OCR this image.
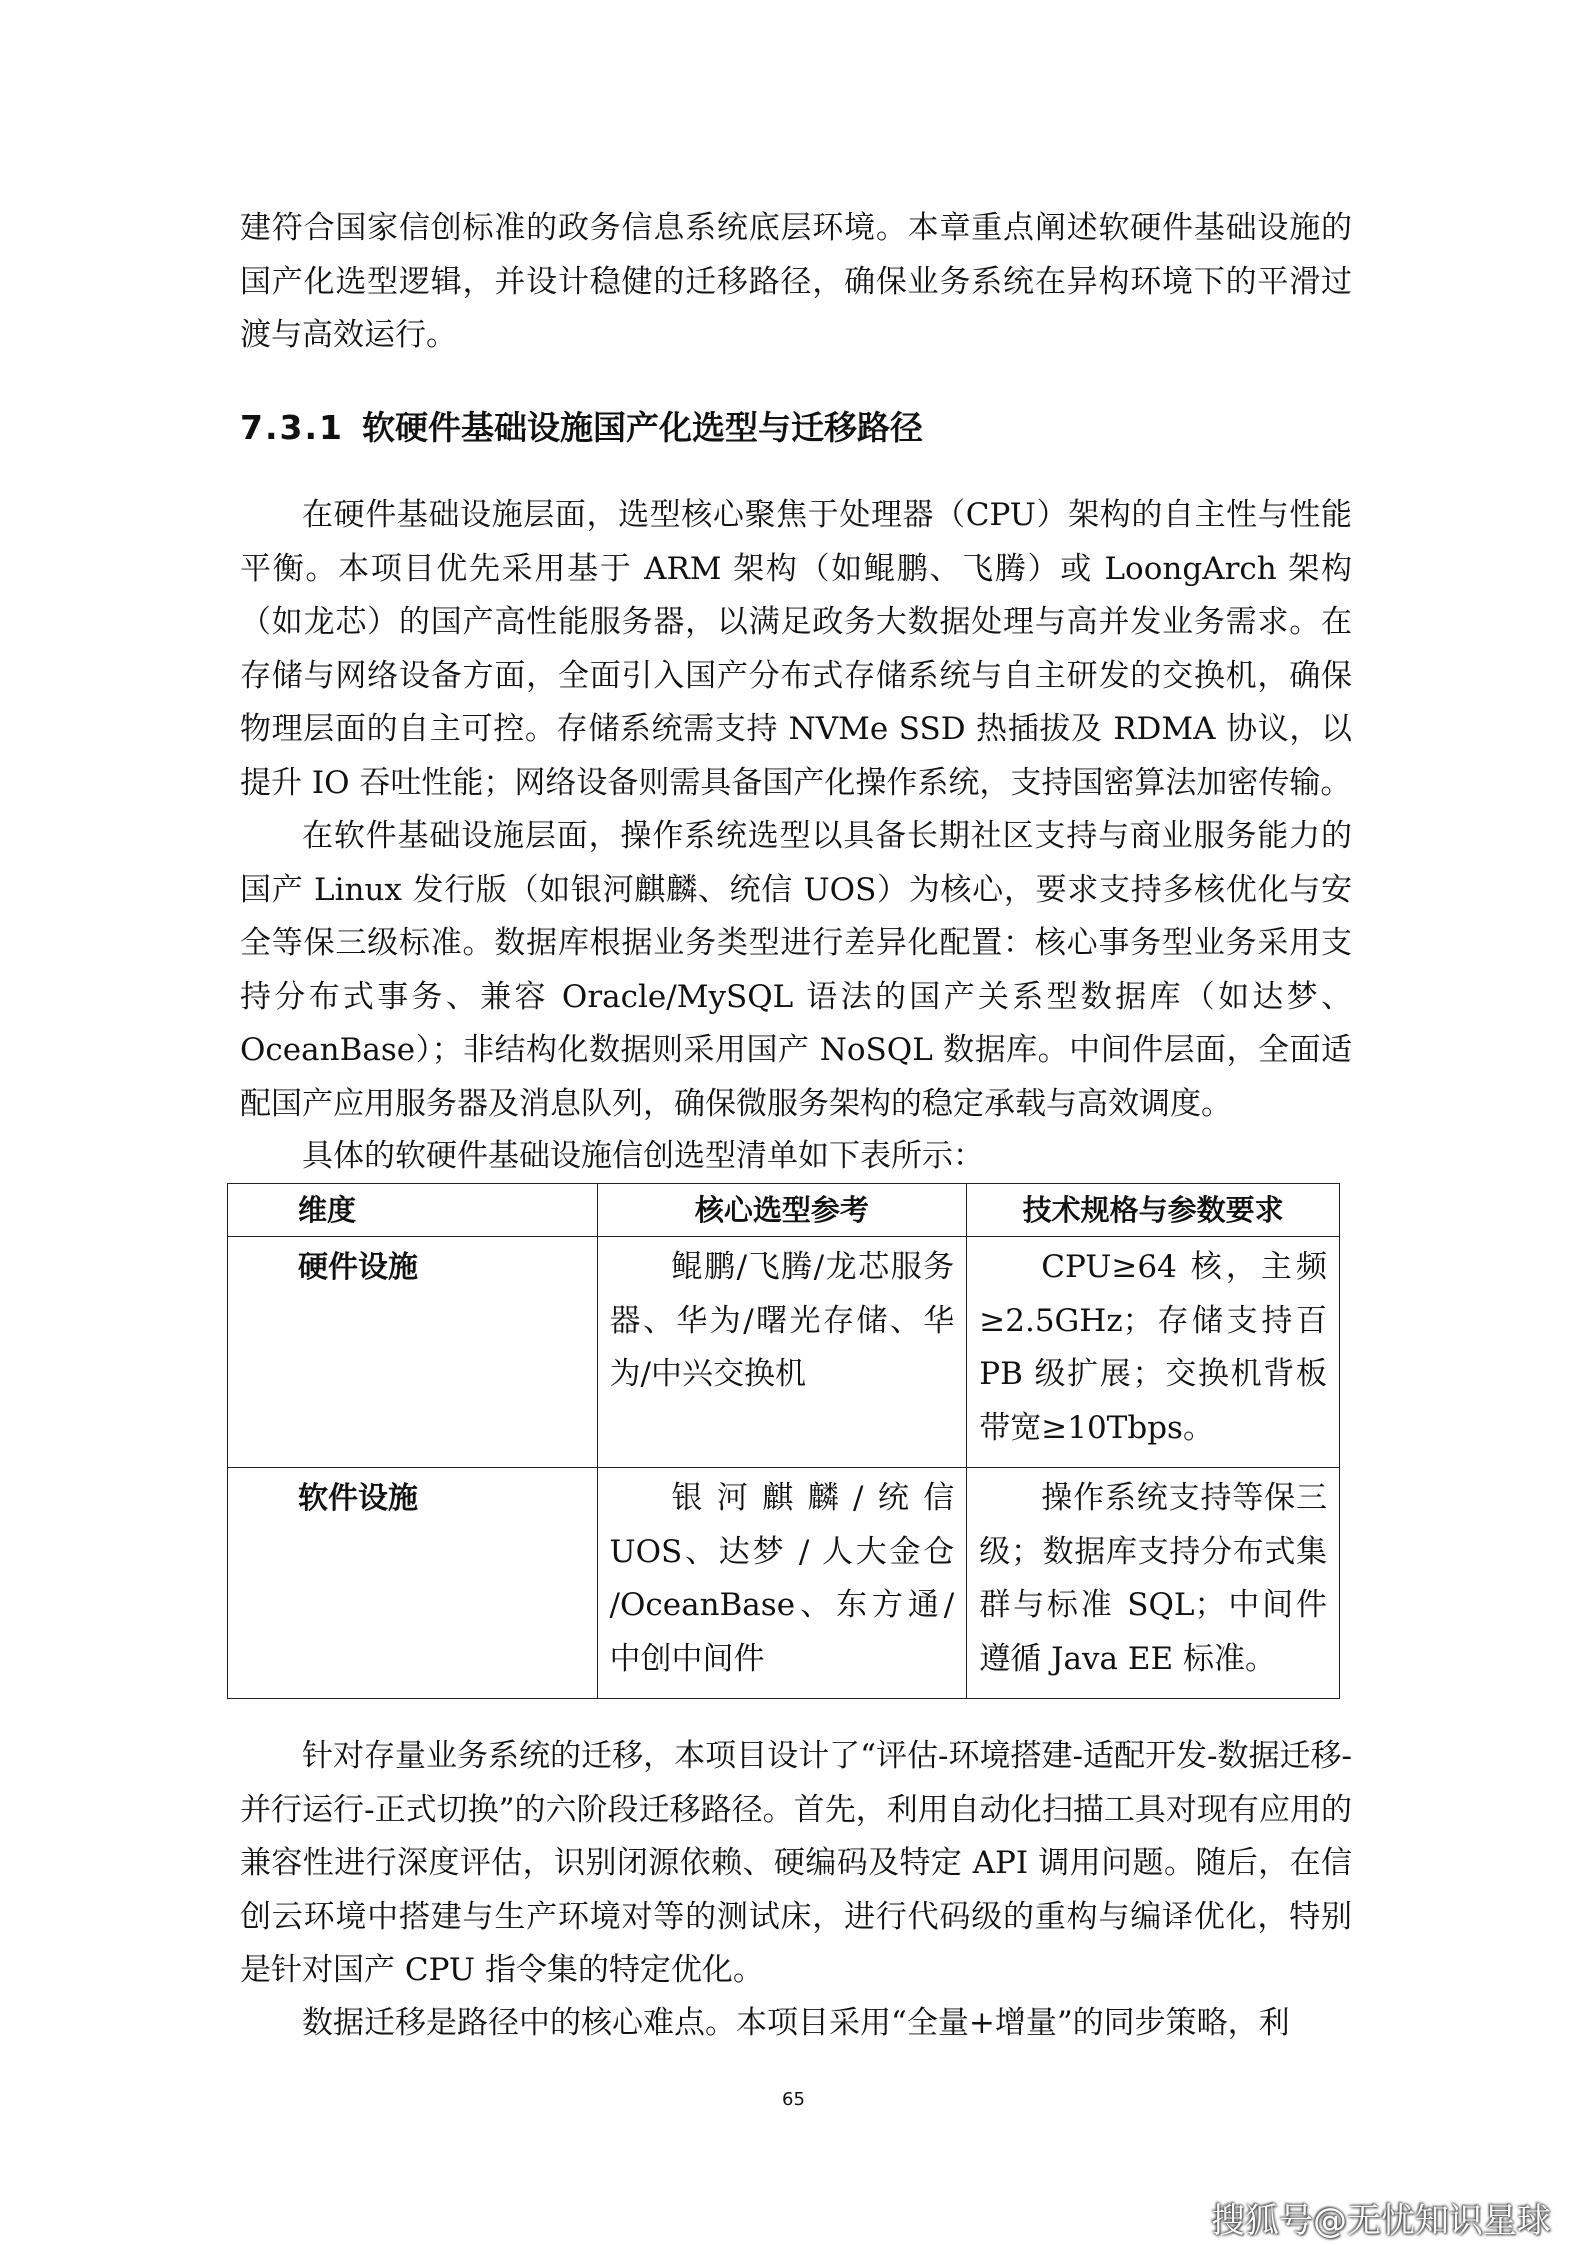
建符合国家信创标准的政务信息系统底层环境。本章重点阐述软硬件基础设施的国产化选型逻辑，并设计稳健的迁移路径，确保业务系统在异构环境下的平滑过渡与高效运行。

7.3.1 软硬件基础设施国产化选型与迁移路径

在硬件基础设施层面，选型核心聚焦于处理器（CPU）架构的自主性与性能平衡。本项目优先采用基于 ARM 架构（如鲲鹏、飞腾）或 LoongArch 架构（如龙芯）的国产高性能服务器，以满足政务大数据处理与高并发业务需求。在存储与网络设备方面，全面引入国产分布式存储系统与自主研发的交换机，确保物理层面的自主可控。存储系统需支持 NVMe SSD 热插拔及 RDMA 协议，以提升 IO 吞吐性能；网络设备则需具备国产化操作系统，支持国密算法加密传输。

在软件基础设施层面，操作系统选型以具备长期社区支持与商业服务能力的国产 Linux 发行版（如银河麒麟、统信 UOS）为核心，要求支持多核优化与安全等保三级标准。数据库根据业务类型进行差异化配置：核心事务型业务采用支持分布式事务、兼容 Oracle/MySQL 语法的国产关系型数据库（如达梦、OceanBase）；非结构化数据则采用国产 NoSQL 数据库。中间件层面，全面适配国产应用服务器及消息队列，确保微服务架构的稳定承载与高效调度。

具体的软硬件基础设施信创选型清单如下表所示：

维度	核心选型参考	技术规格与参数要求
硬件设施	鲲鹏/飞腾/龙芯服务器、华为/曙光存储、华为/中兴交换机	CPU≥64 核，主频≥2.5GHz；存储支持百 PB 级扩展；交换机背板带宽≥10Tbps。
软件设施	银河麒麟/统信 UOS、达梦 / 人大金仓 /OceanBase、东方通/中创中间件	操作系统支持等保三级；数据库支持分布式集群与标准 SQL；中间件遵循 Java EE 标准。

针对存量业务系统的迁移，本项目设计了“评估-环境搭建-适配开发-数据迁移-并行运行-正式切换”的六阶段迁移路径。首先，利用自动化扫描工具对现有应用的兼容性进行深度评估，识别闭源依赖、硬编码及特定 API 调用问题。随后，在信创云环境中搭建与生产环境对等的测试床，进行代码级的重构与编译优化，特别是针对国产 CPU 指令集的特定优化。

数据迁移是路径中的核心难点。本项目采用“全量+增量”的同步策略，利

65
搜狐号@无忧知识星球
